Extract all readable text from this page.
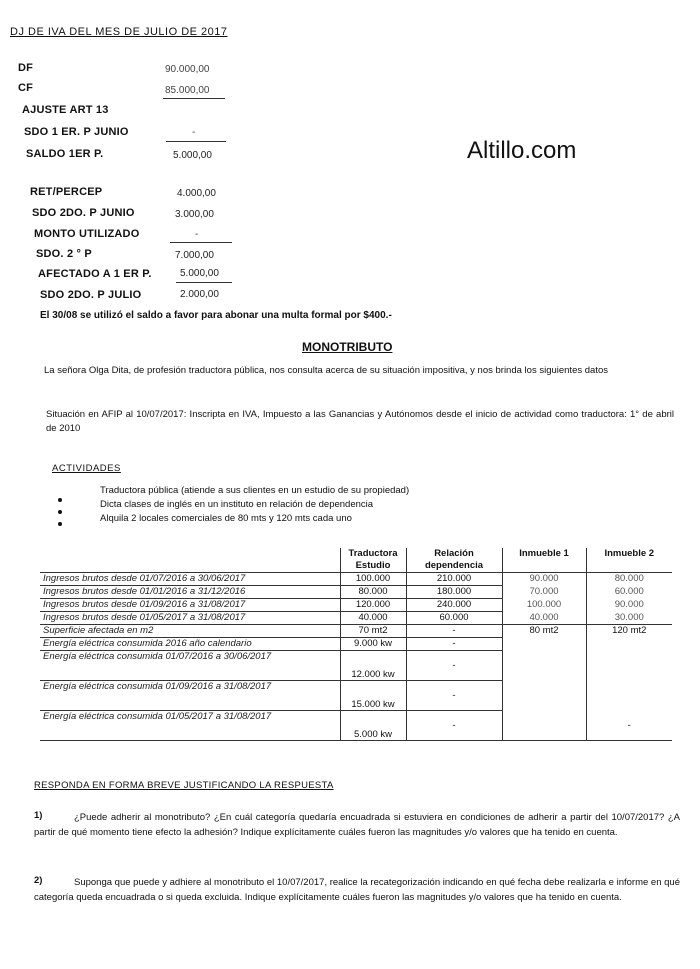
DJ DE IVA DEL MES DE JULIO DE 2017
DF	90.000,00
CF	85.000,00
AJUSTE ART 13
SDO 1 ER. P JUNIO	-
SALDO 1ER P.	5.000,00	Altillo.com
RET/PERCEP	4.000,00
SDO 2DO. P JUNIO	3.000,00
MONTO UTILIZADO	-
SDO. 2 ° P	7.000,00
AFECTADO A 1 ER P.	5.000,00
SDO 2DO. P JULIO	2.000,00
El 30/08 se utilizó el saldo a favor para abonar una multa formal por $400.-
MONOTRIBUTO
La señora Olga Dita, de profesión traductora pública, nos consulta acerca de su situación impositiva, y nos brinda los siguientes datos
Situación en AFIP al 10/07/2017: Inscripta en IVA, Impuesto a las Ganancias y Autónomos desde el inicio de actividad como traductora: 1° de abril de 2010
ACTIVIDADES
Traductora pública (atiende a sus clientes en un estudio de su propiedad)
Dicta clases de inglés en un instituto en relación de dependencia
Alquila 2 locales comerciales de 80 mts y 120 mts cada uno
	Traductora Estudio	Relación dependencia	Inmueble 1	Inmueble 2
Ingresos brutos desde 01/07/2016 a 30/06/2017	100.000	210.000	90.000	80.000
Ingresos brutos desde 01/01/2016 a 31/12/2016	80.000	180.000	70.000	60.000
Ingresos brutos desde 01/09/2016 a 31/08/2017	120.000	240.000	100.000	90.000
Ingresos brutos desde 01/05/2017 a 31/08/2017	40.000	60.000	40.000	30.000
Superficie afectada en m2	70 mt2	-	80 mt2	120 mt2
Energía eléctrica consumida 2016 año calendario	9.000 kw	-		
Energía eléctrica consumida 01/07/2016 a 30/06/2017	12.000 kw	-		
Energía eléctrica consumida 01/09/2016 a 31/08/2017	15.000 kw	-		
Energía eléctrica consumida 01/05/2017 a 31/08/2017	5.000 kw	-		-
RESPONDA EN FORMA BREVE JUSTIFICANDO LA RESPUESTA
1)	¿Puede adherir al monotributo? ¿En cuál categoría quedaría encuadrada si estuviera en condiciones de adherir a partir del 10/07/2017? ¿A partir de qué momento tiene efecto la adhesión? Indique explícitamente cuáles fueron las magnitudes y/o valores que ha tenido en cuenta.
2)	Suponga que puede y adhiere al monotributo el 10/07/2017, realice la recategorización indicando en qué fecha debe realizarla e informe en qué categoría queda encuadrada o si queda excluida. Indique explícitamente cuáles fueron las magnitudes y/o valores que ha tenido en cuenta.
